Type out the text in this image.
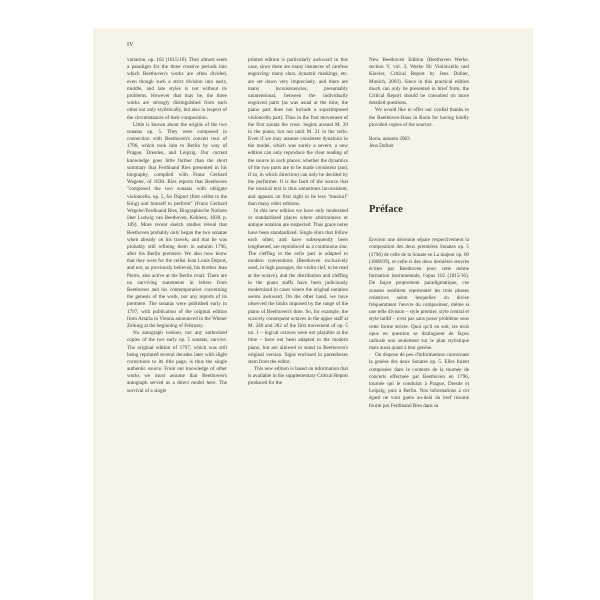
IV

variation, op. 102 (1815/16). They almost seem a paradigm for the three creative periods into which Beethoven's works are often divided, even though such a strict division into early, middle, and late styles is not without its problems. However that may be, the three works are strongly distinguished from each other not only stylistically, but also in respect of the circumstances of their composition.

Little is known about the origins of the two sonatas op. 5. They were composed in connection with Beethoven's concert tour of 1796, which took him to Berlin by way of Prague, Dresden, and Leipzig. Our current knowledge goes little further than the short summary that Ferdinand Ries presented in his biography, compiled with Franz Gerhard Wegeler, of 1838. Ries reports that Beethoven "composed the two sonatas with obligato violoncello, op. 5, for Duport (first cellist to the King) and himself to perform" (Franz Gerhard Wegeler/Ferdinand Ries, Biographische Notizen über Ludwig van Beethoven, Koblenz, 1838, p. 109). More recent sketch studies reveal that Beethoven probably only began the two sonatas when already on his travels, and that he was probably still refining them in autumn 1796, after his Berlin premiere. We also now know that they were for the cellist Jean Louis Duport, and not, as previously believed, his brother Jean Pierre, also active at the Berlin court. There are no surviving statements in letters from Beethoven and his contemporaries concerning the genesis of the work, nor any reports of its premiere. The sonatas were published early in 1797, with publication of the original edition from Artaria in Vienna announced in the Wiener Zeitung at the beginning of February.

No autograph version, nor any authorized copies of the two early op. 5 sonatas, survive. The original edition of 1797, which was still being reprinted several decades later with slight corrections to its title page, is thus the single authentic source. From our knowledge of other works we must assume that Beethoven's autograph served as a direct model here. The survival of a single

printed edition is particularly awkward in this case, since there are many instances of careless engraving: many slurs, dynamic markings, etc. are set down very imprecisely, and there are many inconsistencies, presumably unintentional, between the individually engraved parts (as was usual at the time, the piano part does not include a superimposed violoncello part). Thus in the first movement of the first sonata the cresc. begins around M. 20 in the piano, but not until M. 21 in the cello. Even if we may assume consistent dynamics in the model, which was surely a severe, a new edition can only reproduce the clear reading of the source in such places: whether the dynamics of the two parts are to be made consistent (and, if so, in which direction) can only be decided by the performer. It is the fault of the source that the musical text is thus sometimes inconsistent, and appears on first sight to be less "musical" than many older editions.

In this new edition we have only moderated or standardized places where arbitrariness or antique notation are suspected. Thus grace notes have been standardized. Single slurs that follow each other, and have subsequently been lengthened, are reproduced as a continuous slur. The cleffing in the cello part is adapted to modern conventions (Beethoven exclusively used, in high passages, the violin clef, to be read at the octave), and the distribution and cleffing in the piano staffs have been judiciously modernized in cases where the original notation seems awkward. On the other hand, we have observed the limits imposed by the range of the piano of Beethoven's time. So, for example, the scarcely consequent octaves in the upper staff at M. 240 and 282 of the first movement of op. 5 no. 1 – logical octaves were not playable at the time – have not been adapted to the modern piano, but are allowed to stand in Beethoven's original version. Signs enclosed in parentheses stem from the editor.

This new edition is based on information that is available in the supplementary Critical Report produced for the

New Beethoven Edition (Beethoven Werke, section V, vol. 3, Werke für Violoncello und Klavier, Critical Report by Jens Dufner, Munich, 2003). Since in this practical edition much can only be presented in brief form, the Critical Report should be consulted on more detailed questions.

We would like to offer our cordial thanks to the Beethoven-Haus in Bonn for having kindly provided copies of the sources.

Bonn, autumn 2003

Jens Dufner

Préface

Environ une décennie sépare respectivement la composition des deux premières Sonates op. 5 (1796) de celle de la Sonate en La majeur op. 69 (1808/09), et celle-ci des deux dernières œuvres écrites par Beethoven pour cette même formation instrumentale, l'opus 102 (1815/16). De façon proprement paradigmatique, ces sonates semblent représenter les trois phases créatrices selon lesquelles on divise fréquemment l'œuvre du compositeur, même si une telle division – style premier, style central et style tardif – n'est pas sans poser problème sous cette forme stricte. Quoi qu'il en soit, les trois opus en question se distinguent de façon radicale non seulement sur le plan stylistique mais aussi quant à leur genèse.

On dispose de peu d'informations concernant la genèse des deux Sonates op. 5. Elles furent composées dans le contexte de la tournée de concerts effectuée par Beethoven en 1796, tournée qui le conduisit à Prague, Dresde et Leipzig, puis à Berlin. Nos informations à cet égard ne vont guère au-delà du bref résumé fourni par Ferdinand Ries dans sa
